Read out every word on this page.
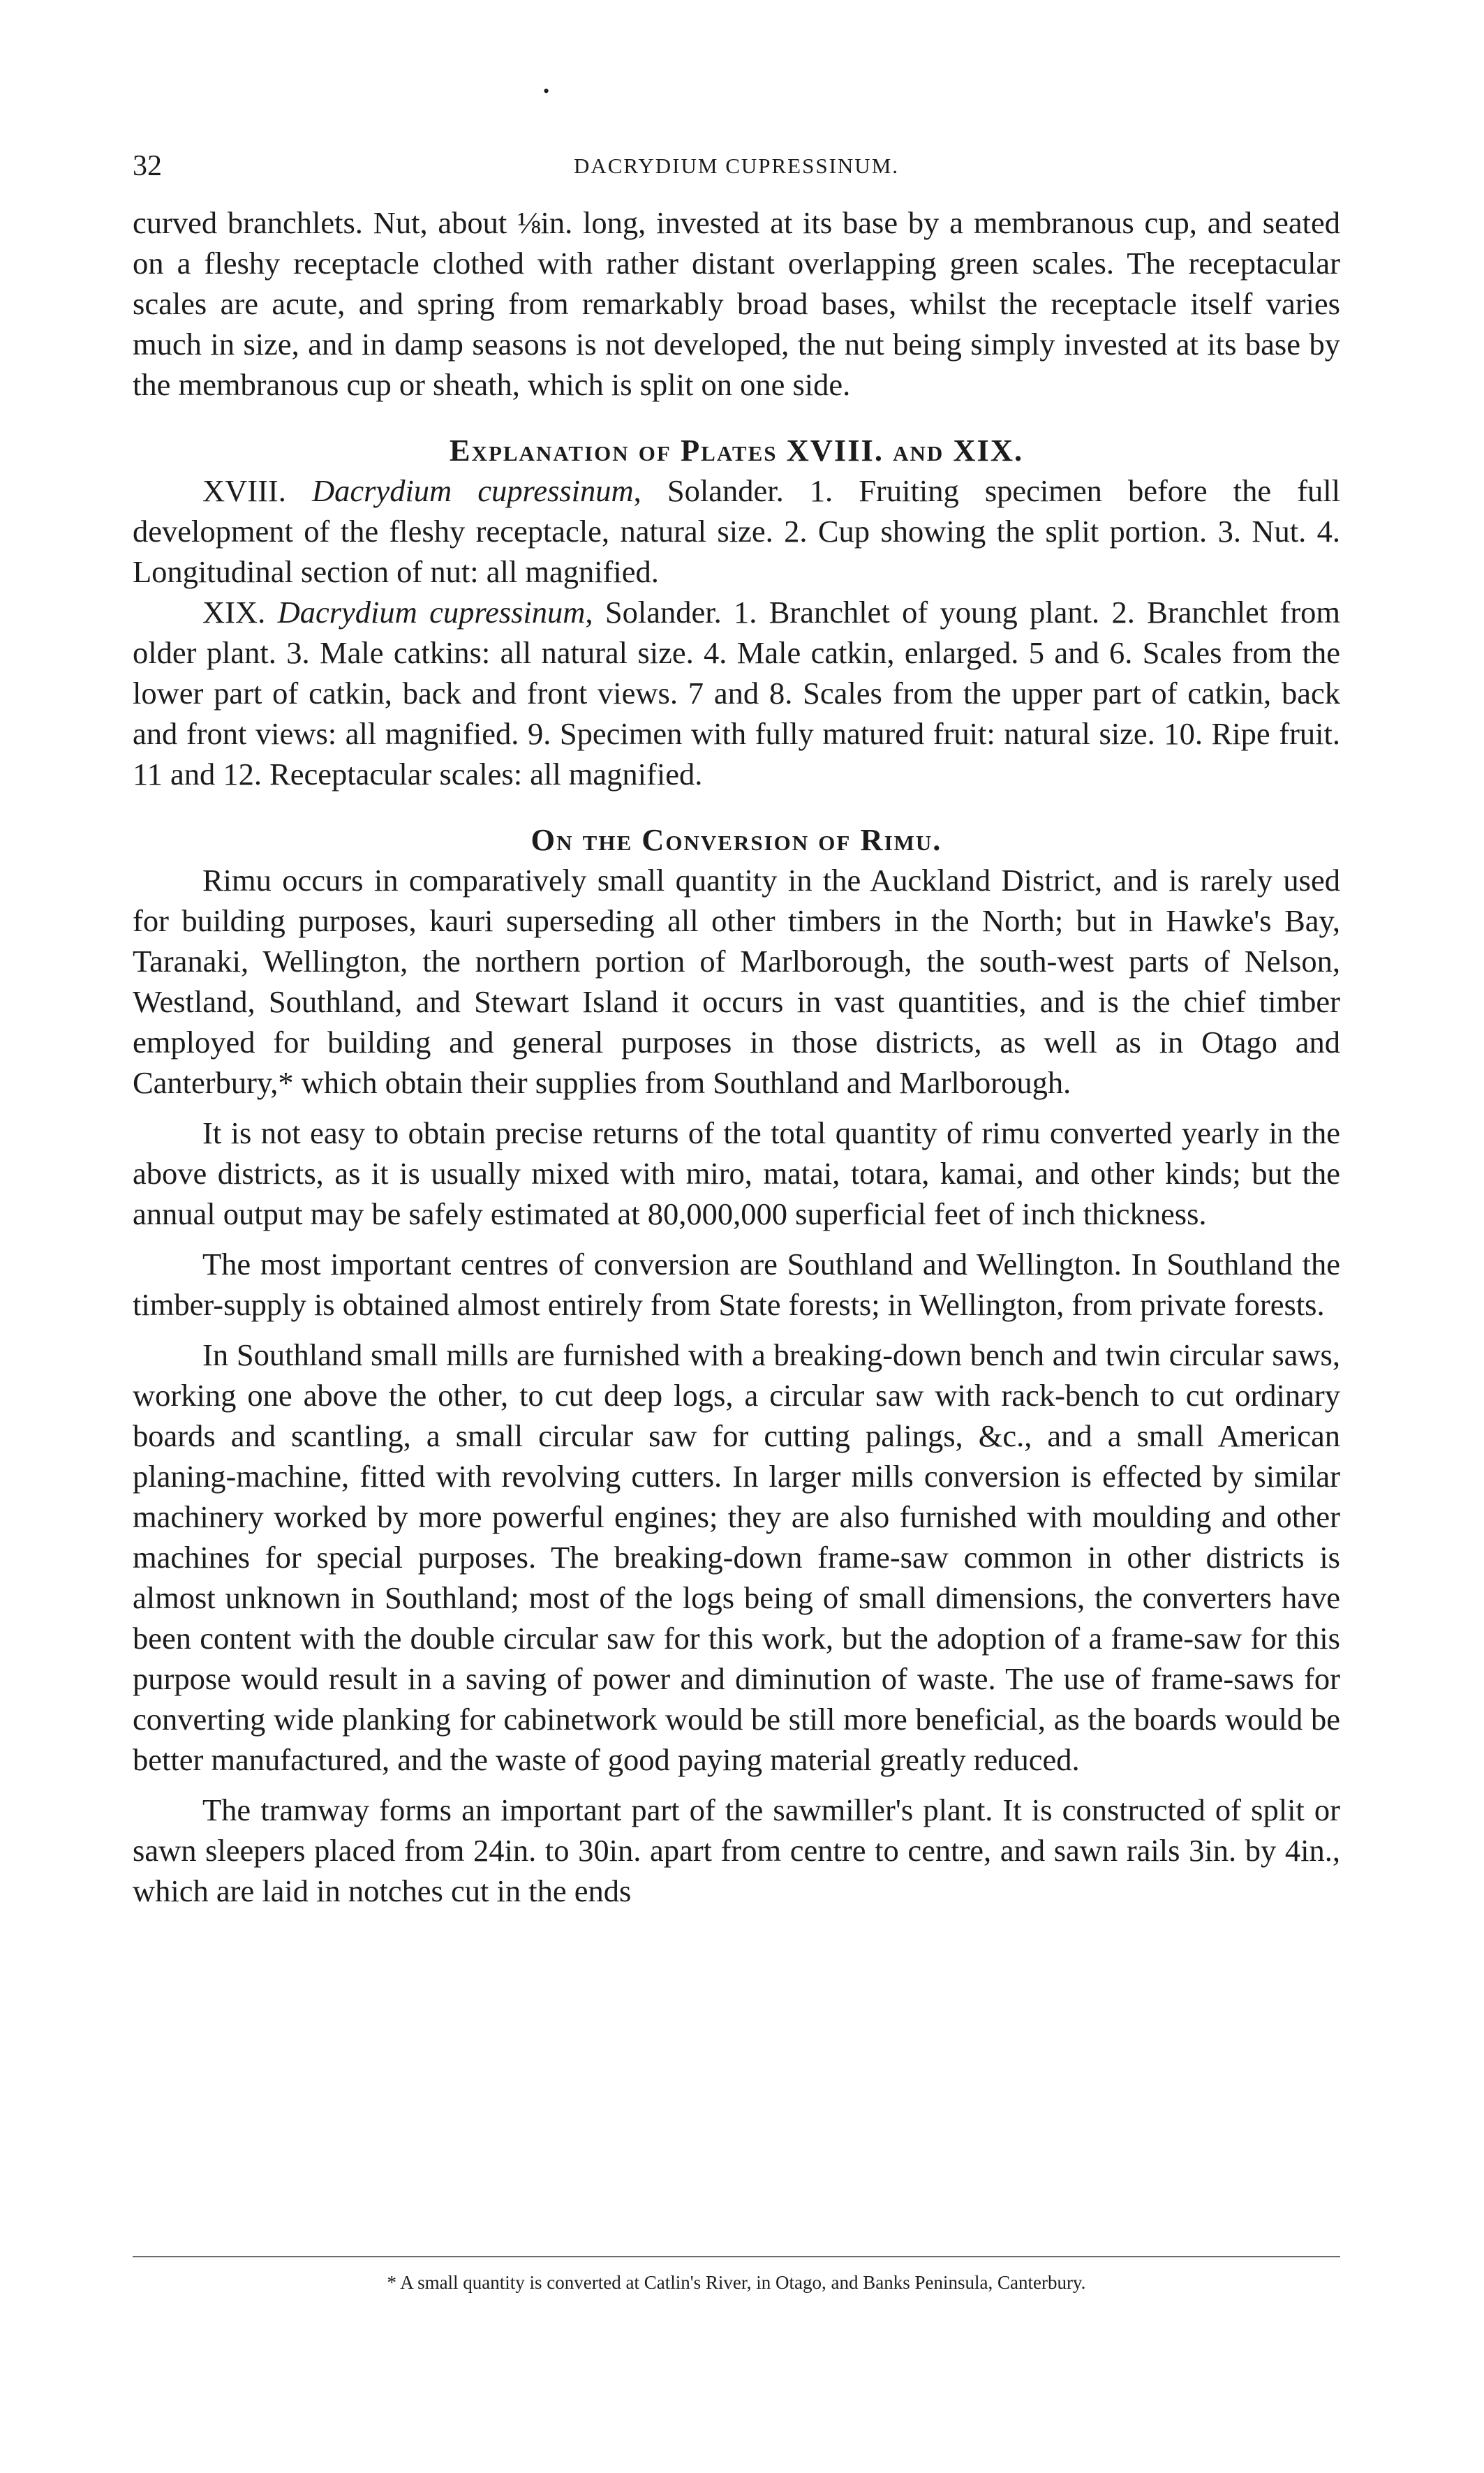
•
32	DACRYDIUM CUPRESSINUM.

curved branchlets. Nut, about ⅛in. long, invested at its base by a membranous cup, and seated on a fleshy receptacle clothed with rather distant overlapping green scales. The receptacular scales are acute, and spring from remarkably broad bases, whilst the receptacle itself varies much in size, and in damp seasons is not developed, the nut being simply invested at its base by the membranous cup or sheath, which is split on one side.

Explanation of Plates XVIII. and XIX.

XVIII. Dacrydium cupressinum, Solander. 1. Fruiting specimen before the full development of the fleshy receptacle, natural size. 2. Cup showing the split portion. 3. Nut. 4. Longitudinal section of nut: all magnified.

XIX. Dacrydium cupressinum, Solander. 1. Branchlet of young plant. 2. Branchlet from older plant. 3. Male catkins: all natural size. 4. Male catkin, enlarged. 5 and 6. Scales from the lower part of catkin, back and front views. 7 and 8. Scales from the upper part of catkin, back and front views: all magnified. 9. Specimen with fully matured fruit: natural size. 10. Ripe fruit. 11 and 12. Receptacular scales: all magnified.

On the Conversion of Rimu.

Rimu occurs in comparatively small quantity in the Auckland District, and is rarely used for building purposes, kauri superseding all other timbers in the North; but in Hawke's Bay, Taranaki, Wellington, the northern portion of Marlborough, the south-west parts of Nelson, Westland, Southland, and Stewart Island it occurs in vast quantities, and is the chief timber employed for building and general purposes in those districts, as well as in Otago and Canterbury,* which obtain their supplies from Southland and Marlborough.

It is not easy to obtain precise returns of the total quantity of rimu converted yearly in the above districts, as it is usually mixed with miro, matai, totara, kamai, and other kinds; but the annual output may be safely estimated at 80,000,000 superficial feet of inch thickness.

The most important centres of conversion are Southland and Wellington. In Southland the timber-supply is obtained almost entirely from State forests; in Wellington, from private forests.

In Southland small mills are furnished with a breaking-down bench and twin circular saws, working one above the other, to cut deep logs, a circular saw with rack-bench to cut ordinary boards and scantling, a small circular saw for cutting palings, &c., and a small American planing-machine, fitted with revolving cutters. In larger mills conversion is effected by similar machinery worked by more powerful engines; they are also furnished with moulding and other machines for special purposes. The breaking-down frame-saw common in other districts is almost unknown in Southland; most of the logs being of small dimensions, the converters have been content with the double circular saw for this work, but the adoption of a frame-saw for this purpose would result in a saving of power and diminution of waste. The use of frame-saws for converting wide planking for cabinetwork would be still more beneficial, as the boards would be better manufactured, and the waste of good paying material greatly reduced.

The tramway forms an important part of the sawmiller's plant. It is constructed of split or sawn sleepers placed from 24in. to 30in. apart from centre to centre, and sawn rails 3in. by 4in., which are laid in notches cut in the ends

* A small quantity is converted at Catlin's River, in Otago, and Banks Peninsula, Canterbury.
